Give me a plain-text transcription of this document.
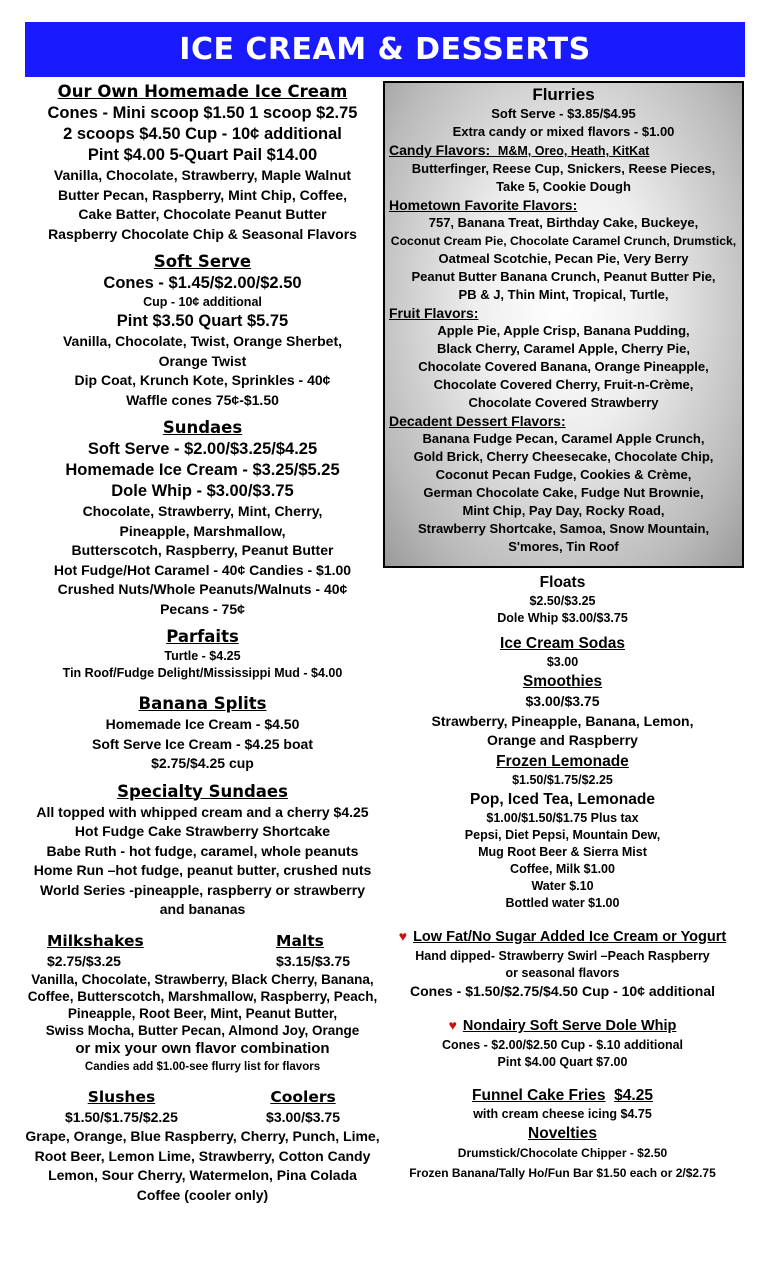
ICE CREAM & DESSERTS
Our Own Homemade Ice Cream
Cones - Mini scoop $1.50 1 scoop $2.75
2 scoops $4.50 Cup - 10¢ additional
Pint $4.00 5-Quart Pail $14.00
Vanilla, Chocolate, Strawberry, Maple Walnut
Butter Pecan, Raspberry, Mint Chip, Coffee,
Cake Batter, Chocolate Peanut Butter
Raspberry Chocolate Chip & Seasonal Flavors
Soft Serve
Cones - $1.45/$2.00/$2.50
Cup - 10¢ additional
Pint $3.50 Quart $5.75
Vanilla, Chocolate, Twist, Orange Sherbet,
Orange Twist
Dip Coat, Krunch Kote, Sprinkles - 40¢
Waffle cones 75¢-$1.50
Sundaes
Soft Serve - $2.00/$3.25/$4.25
Homemade Ice Cream - $3.25/$5.25
Dole Whip - $3.00/$3.75
Chocolate, Strawberry, Mint, Cherry,
Pineapple, Marshmallow,
Butterscotch, Raspberry, Peanut Butter
Hot Fudge/Hot Caramel - 40¢ Candies - $1.00
Crushed Nuts/Whole Peanuts/Walnuts - 40¢
Pecans - 75¢
Parfaits
Turtle - $4.25
Tin Roof/Fudge Delight/Mississippi Mud - $4.00
Banana Splits
Homemade Ice Cream - $4.50
Soft Serve Ice Cream - $4.25 boat
$2.75/$4.25 cup
Specialty Sundaes
All topped with whipped cream and a cherry $4.25
Hot Fudge Cake Strawberry Shortcake
Babe Ruth - hot fudge, caramel, whole peanuts
Home Run –hot fudge, peanut butter, crushed nuts
World Series -pineapple, raspberry or strawberry
and bananas
Milkshakes
$2.75/$3.25
Malts
$3.15/$3.75
Vanilla, Chocolate, Strawberry, Black Cherry, Banana,
Coffee, Butterscotch, Marshmallow, Raspberry, Peach,
Pineapple, Root Beer, Mint, Peanut Butter,
Swiss Mocha, Butter Pecan, Almond Joy, Orange
or mix your own flavor combination
Candies add $1.00-see flurry list for flavors
Slushes
$1.50/$1.75/$2.25
Coolers
$3.00/$3.75
Grape, Orange, Blue Raspberry, Cherry, Punch, Lime,
Root Beer, Lemon Lime, Strawberry, Cotton Candy
Lemon, Sour Cherry, Watermelon, Pina Colada
Coffee (cooler only)
Flurries
Soft Serve - $3.85/$4.95
Extra candy or mixed flavors - $1.00
Candy Flavors: M&M, Oreo, Heath, KitKat
Butterfinger, Reese Cup, Snickers, Reese Pieces,
Take 5, Cookie Dough
Hometown Favorite Flavors:
757, Banana Treat, Birthday Cake, Buckeye,
Coconut Cream Pie, Chocolate Caramel Crunch, Drumstick,
Oatmeal Scotchie, Pecan Pie, Very Berry
Peanut Butter Banana Crunch, Peanut Butter Pie,
PB & J, Thin Mint, Tropical, Turtle,
Fruit Flavors:
Apple Pie, Apple Crisp, Banana Pudding,
Black Cherry, Caramel Apple, Cherry Pie,
Chocolate Covered Banana, Orange Pineapple,
Chocolate Covered Cherry, Fruit-n-Crème,
Chocolate Covered Strawberry
Decadent Dessert Flavors:
Banana Fudge Pecan, Caramel Apple Crunch,
Gold Brick, Cherry Cheesecake, Chocolate Chip,
Coconut Pecan Fudge, Cookies & Crème,
German Chocolate Cake, Fudge Nut Brownie,
Mint Chip, Pay Day, Rocky Road,
Strawberry Shortcake, Samoa, Snow Mountain,
S'mores, Tin Roof
Floats
$2.50/$3.25
Dole Whip $3.00/$3.75
Ice Cream Sodas
$3.00
Smoothies
$3.00/$3.75
Strawberry, Pineapple, Banana, Lemon,
Orange and Raspberry
Frozen Lemonade
$1.50/$1.75/$2.25
Pop, Iced Tea, Lemonade
$1.00/$1.50/$1.75 Plus tax
Pepsi, Diet Pepsi, Mountain Dew,
Mug Root Beer & Sierra Mist
Coffee, Milk $1.00
Water $.10
Bottled water $1.00
♥ Low Fat/No Sugar Added Ice Cream or Yogurt
Hand dipped- Strawberry Swirl –Peach Raspberry
or seasonal flavors
Cones - $1.50/$2.75/$4.50 Cup - 10¢ additional
♥ Nondairy Soft Serve Dole Whip
Cones - $2.00/$2.50 Cup - $.10 additional
Pint $4.00 Quart $7.00
Funnel Cake Fries $4.25
with cream cheese icing $4.75
Novelties
Drumstick/Chocolate Chipper - $2.50
Frozen Banana/Tally Ho/Fun Bar $1.50 each or 2/$2.75
